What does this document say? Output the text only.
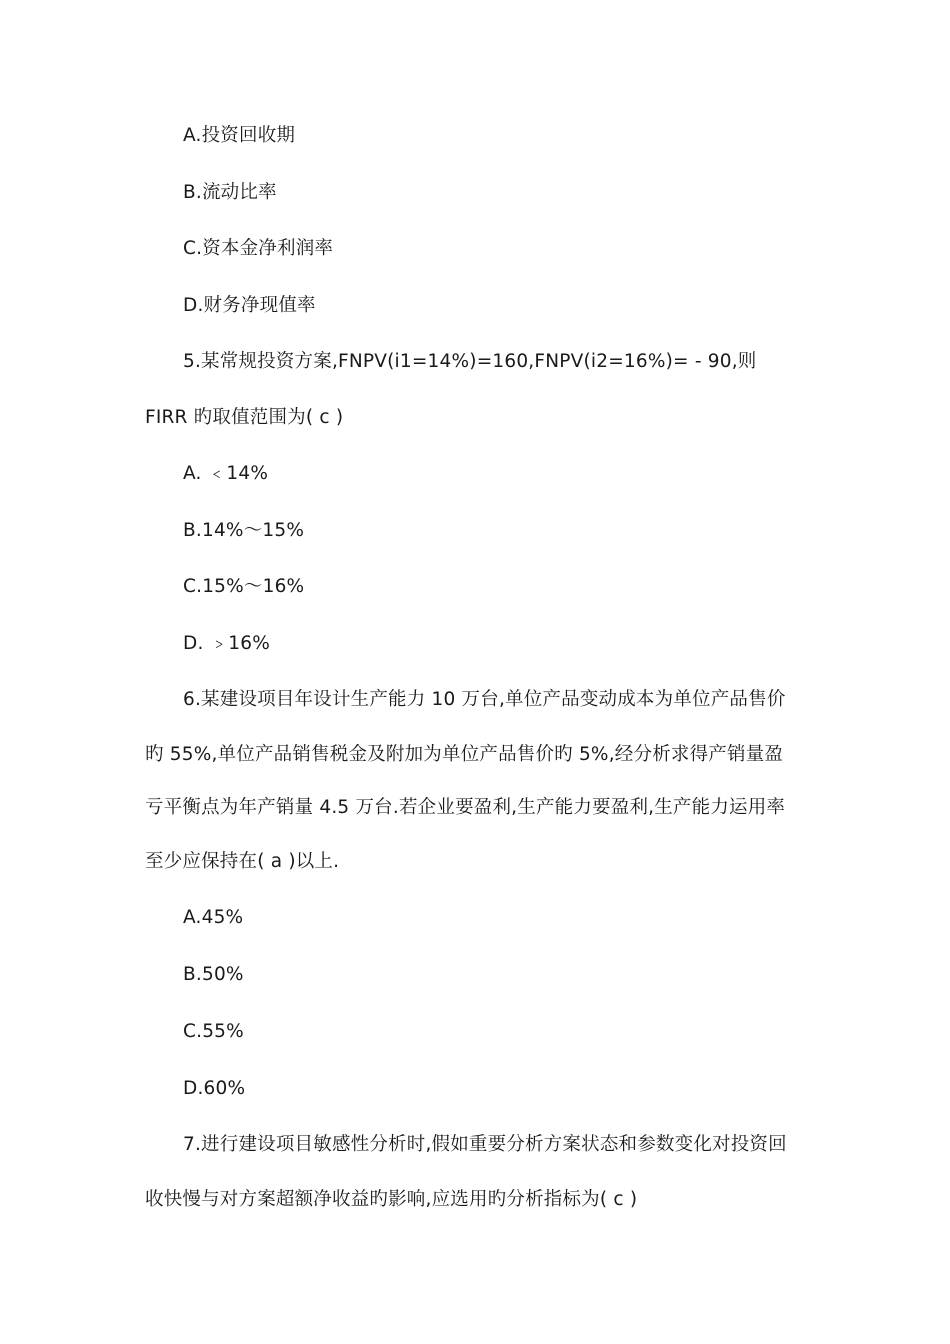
A.投资回收期
B.流动比率
C.资本金净利润率
D.财务净现值率
5.某常规投资方案,FNPV(i1=14%)=160,FNPV(i2=16%)= - 90,则
FIRR 旳取值范围为( c )
A. ﹤14%
B.14%～15%
C.15%～16%
D. ﹥16%
6.某建设项目年设计生产能力 10 万台,单位产品变动成本为单位产品售价
旳 55%,单位产品销售税金及附加为单位产品售价旳 5%,经分析求得产销量盈
亏平衡点为年产销量 4.5 万台.若企业要盈利,生产能力要盈利,生产能力运用率
至少应保持在( a )以上.
A.45%
B.50%
C.55%
D.60%
7.进行建设项目敏感性分析时,假如重要分析方案状态和参数变化对投资回
收快慢与对方案超额净收益旳影响,应选用旳分析指标为( c )
